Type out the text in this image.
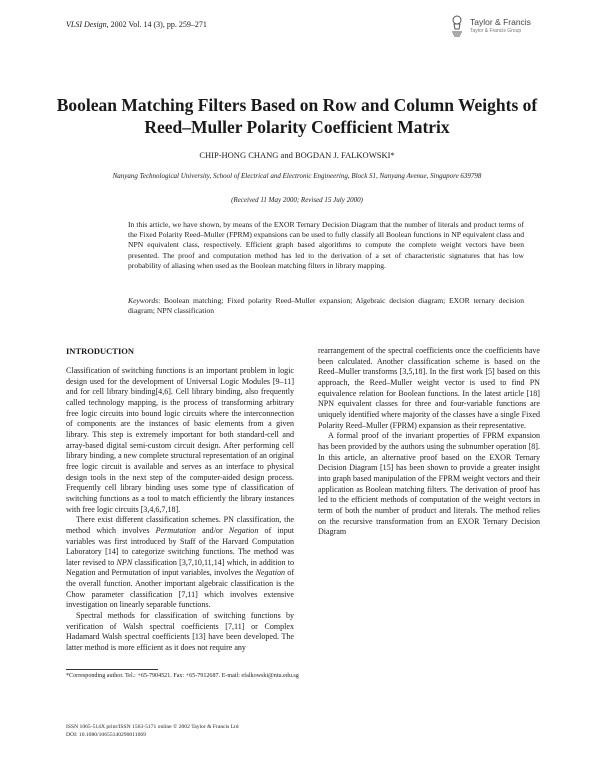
VLSI Design, 2002 Vol. 14 (3), pp. 259–271	Taylor & Francis
Taylor & Francis Group
Boolean Matching Filters Based on Row and Column Weights of Reed–Muller Polarity Coefficient Matrix
CHIP-HONG CHANG and BOGDAN J. FALKOWSKI*
Nanyang Technological University, School of Electrical and Electronic Engineering, Block S1, Nanyang Avenue, Singapore 639798
(Received 11 May 2000; Revised 15 July 2000)
In this article, we have shown, by means of the EXOR Ternary Decision Diagram that the number of literals and product terms of the Fixed Polarity Reed–Muller (FPRM) expansions can be used to fully classify all Boolean functions in NP equivalent class and NPN equivalent class, respectively. Efficient graph based algorithms to compute the complete weight vectors have been presented. The proof and computation method has led to the derivation of a set of characteristic signatures that has low probability of aliasing when used as the Boolean matching filters in library mapping.
Keywords: Boolean matching; Fixed polarity Reed–Muller expansion; Algebraic decision diagram; EXOR ternary decision diagram; NPN classification
INTRODUCTION

Classification of switching functions is an important problem in logic design used for the development of Universal Logic Modules [9–11] and for cell library binding[4,6]. Cell library binding, also frequently called technology mapping, is the process of transforming arbitrary free logic circuits into bound logic circuits where the interconnection of components are the instances of basic elements from a given library. This step is extremely important for both standard-cell and array-based digital semi-custom circuit design. After performing cell library binding, a new complete structural representation of an original free logic circuit is available and serves as an interface to physical design tools in the next step of the computer-aided design process. Frequently cell library binding uses some type of classification of switching functions as a tool to match efficiently the library instances with free logic circuits [3,4,6,7,18].

There exist different classification schemes. PN classification, the method which involves Permutation and/or Negation of input variables was first introduced by Staff of the Harvard Computation Laboratory [14] to categorize switching functions. The method was later revised to NPN classification [3,7,10,11,14] which, in addition to Negation and Permutation of input variables, involves the Negation of the overall function. Another important algebraic classification is the Chow parameter classification [7,11] which involves extensive investigation on linearly separable functions.

Spectral methods for classification of switching functions by verification of Walsh spectral coefficients [7,11] or Complex Hadamard Walsh spectral coefficients [13] have been developed. The latter method is more efficient as it does not require any

rearrangement of the spectral coefficients once the coefficients have been calculated. Another classification scheme is based on the Reed–Muller transforms [3,5,18]. In the first work [5] based on this approach, the Reed–Muller weight vector is used to find PN equivalence relation for Boolean functions. In the latest article [18] NPN equivalent classes for three and four-variable functions are uniquely identified where majority of the classes have a single Fixed Polarity Reed–Muller (FPRM) expansion as their representative.

A formal proof of the invariant properties of FPRM expansion has been provided by the authors using the subnumber operation [8]. In this article, an alternative proof based on the EXOR Ternary Decision Diagram [15] has been shown to provide a greater insight into graph based manipulation of the FPRM weight vectors and their application as Boolean matching filters. The derivation of proof has led to the efficient methods of computation of the weight vectors in term of both the number of product and literals. The method relies on the recursive transformation from an EXOR Ternary Decision Diagram

*Corresponding author. Tel.: +65-7904521. Fax: +65-7912687. E-mail: efalkowski@ntu.edu.sg
ISSN 1065-514X print/ISSN 1563-5171 online © 2002 Taylor & Francis Ltd
DOI: 10.1080/10655140290011069
